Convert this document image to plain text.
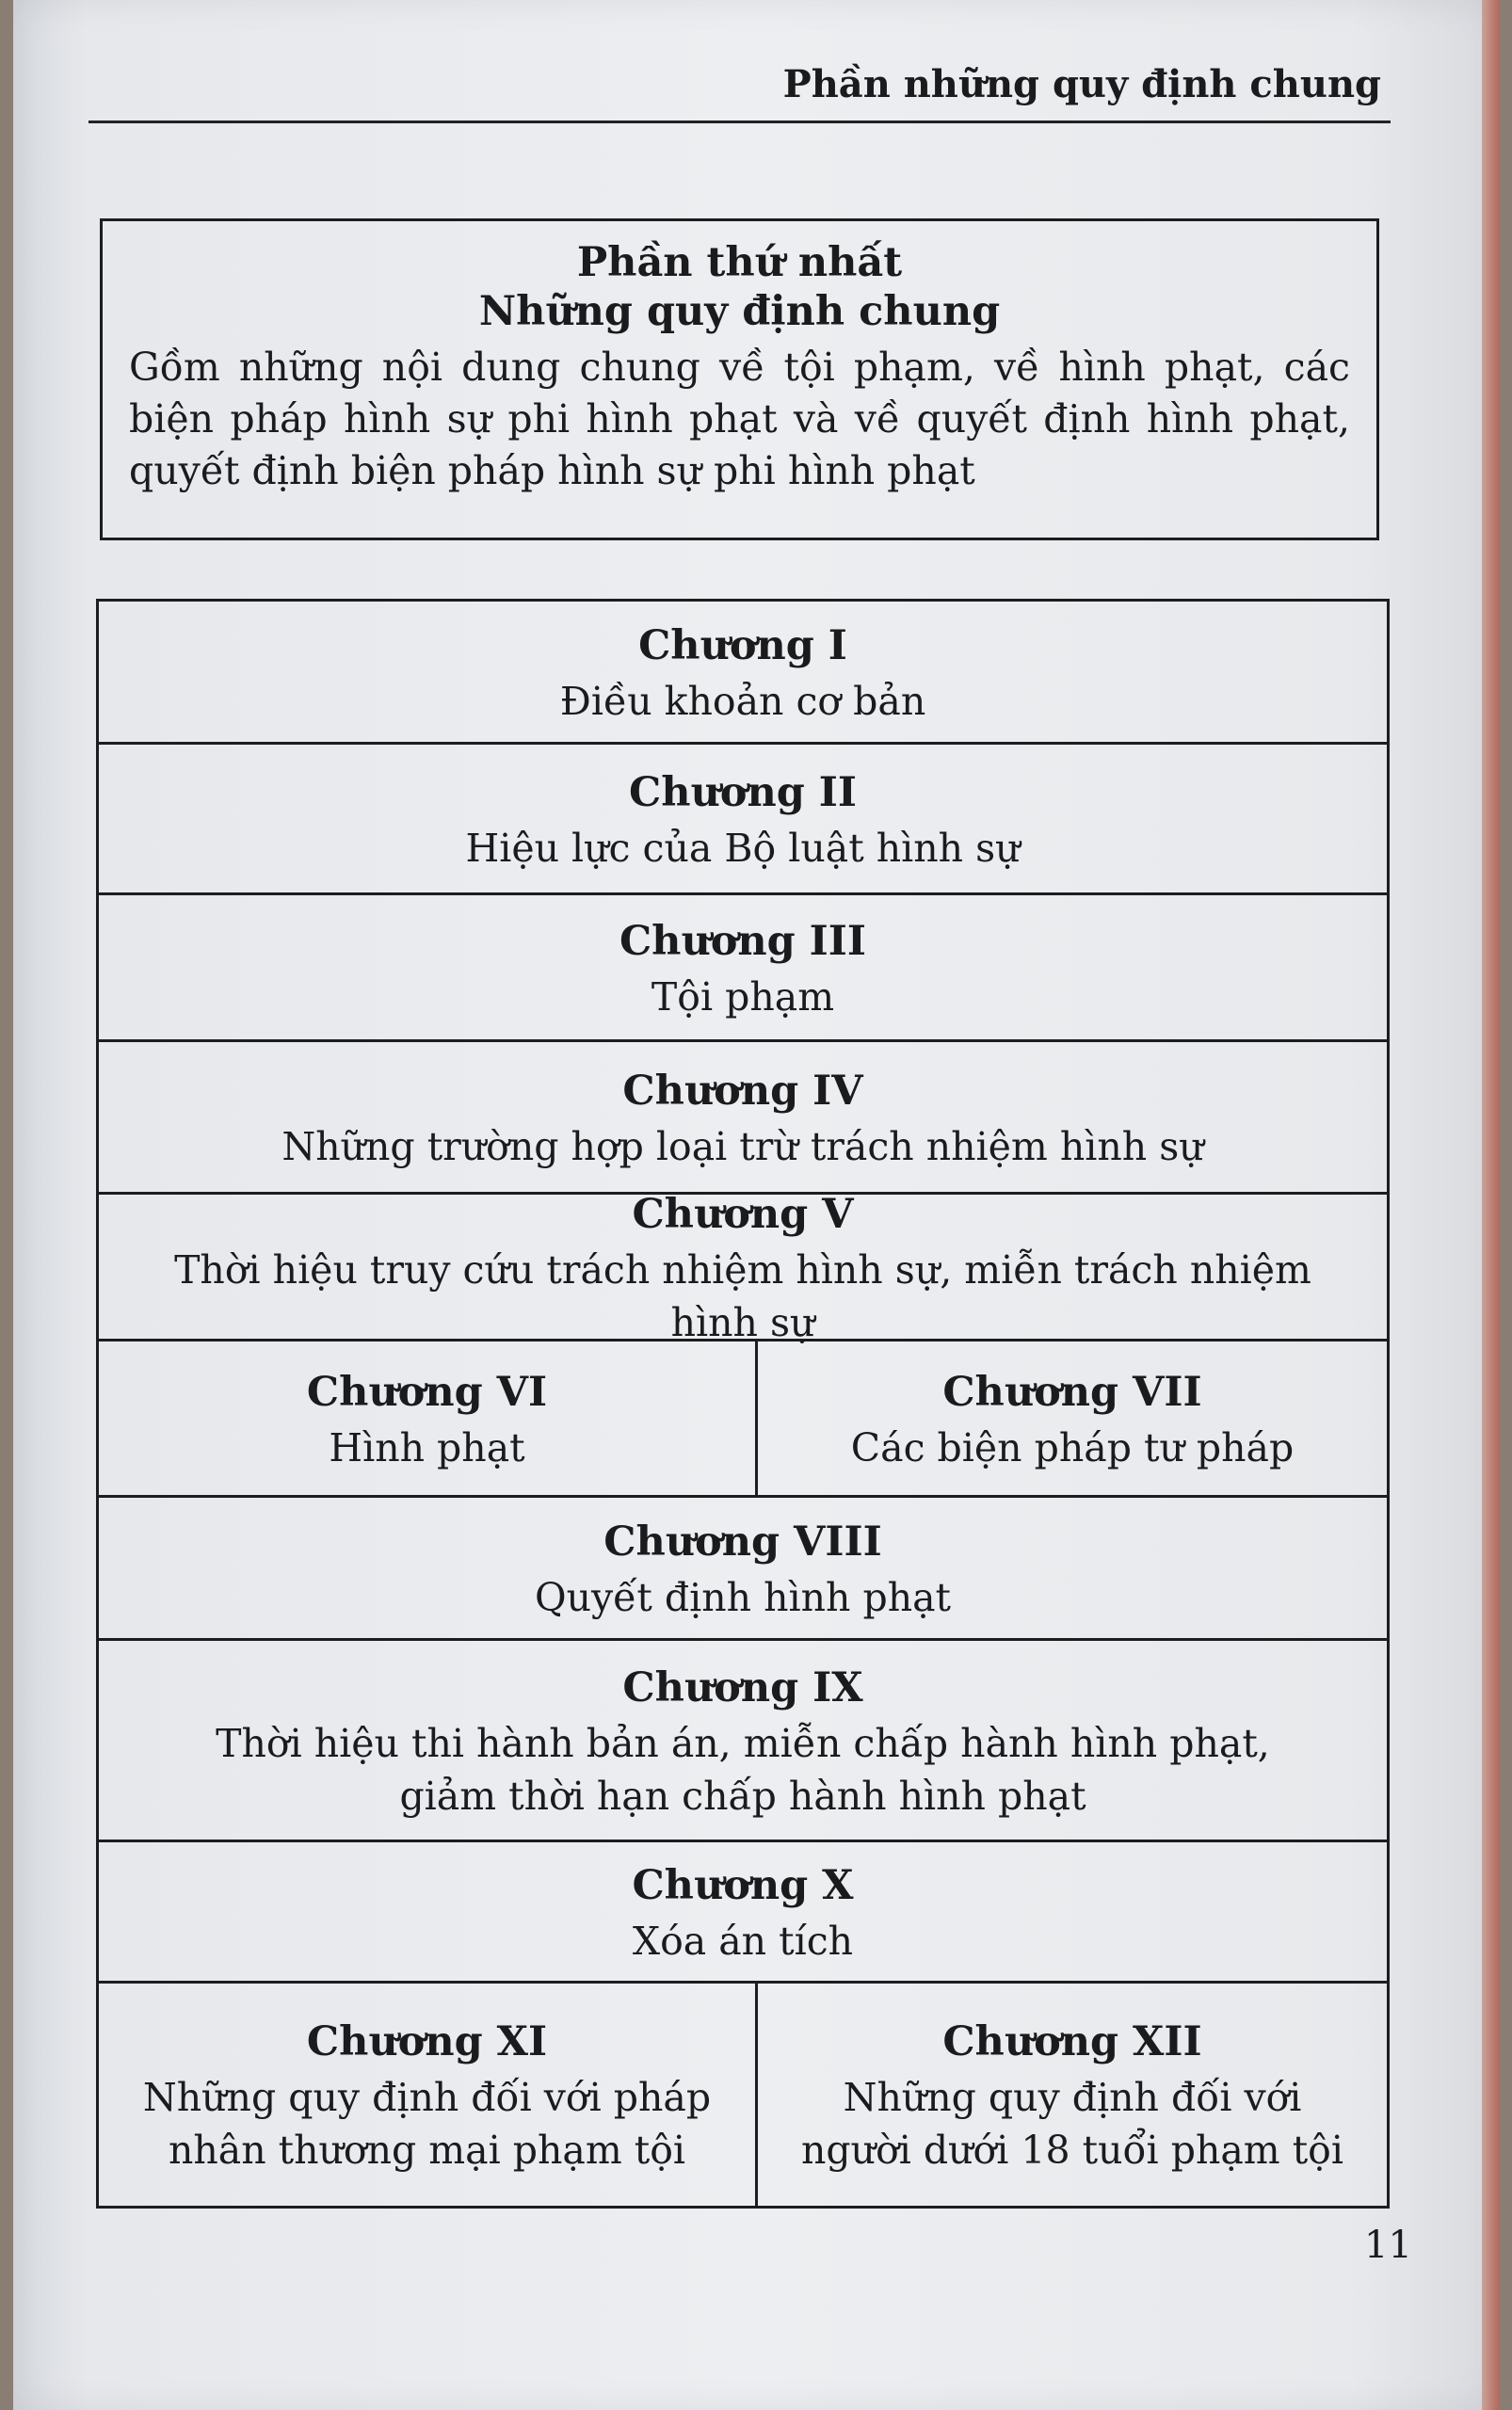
Phần những quy định chung
Phần thứ nhất
Những quy định chung
Gồm những nội dung chung về tội phạm, về hình phạt, các biện pháp hình sự phi hình phạt và về quyết định hình phạt, quyết định biện pháp hình sự phi hình phạt
Chương I
Điều khoản cơ bản
Chương II
Hiệu lực của Bộ luật hình sự
Chương III
Tội phạm
Chương IV
Những trường hợp loại trừ trách nhiệm hình sự
Chương V
Thời hiệu truy cứu trách nhiệm hình sự, miễn trách nhiệm hình sự
Chương VI
Hình phạt
Chương VII
Các biện pháp tư pháp
Chương VIII
Quyết định hình phạt
Chương IX
Thời hiệu thi hành bản án, miễn chấp hành hình phạt, giảm thời hạn chấp hành hình phạt
Chương X
Xóa án tích
Chương XI
Những quy định đối với pháp nhân thương mại phạm tội
Chương XII
Những quy định đối với người dưới 18 tuổi phạm tội
11
